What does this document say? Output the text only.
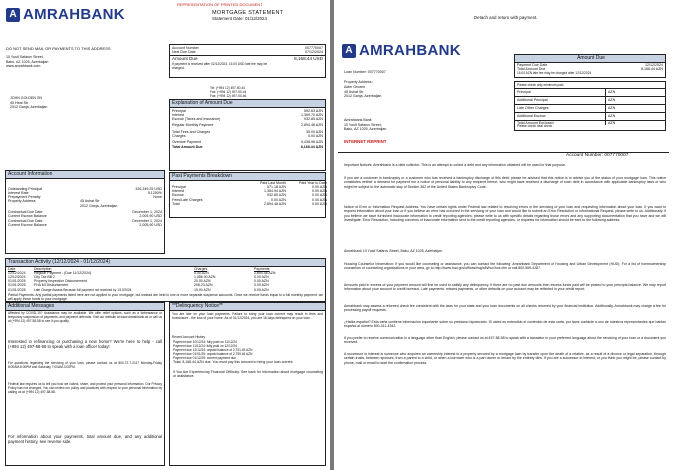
A AMRAHBANK
REPRESENTATION OF PRINTED DOCUMENT
MORTGAGE STATEMENT
Statement Date: 01/12/2024
DO NOT SEND MAIL OR PAYMENTS TO THIS ADDRESS
10 Yusif Safarov Street,
Baku, AZ 1025, Azerbaijan
www.amrahbank.com
JOHN GOLDEN SN
45 Heat Str
2012 Ganja, Azerbaijan
Account Number	007770007
Next Due Date	07/12/2024
Amount Due	8,168.44 USD
If payment is received after 02/12/2024, 15.00 USD late fee may be
charged.
Tel: (+994 12) 497-50-44
Fax: (+994 12) 497-50-44
Fax: (+994 12) 497-50-46
Explanation of Amount Due
Principal	592.63 AZN
Interest	1,369.70 AZN
Escrow (Taxes and Insurance)	932.85 AZN
Regular Monthly Payment	2,894.48 AZN
Total Fees and Charges	35.00 AZN
Charges	0.00 AZN
Overdue Payment	5,438.96 AZN
Total Amount Due	8,168.44 AZN
Account Information
Outstanding Principal	326,349.25 USD
Interest Rate	5.1250%
Prepayment Penalty	None
Property Address	45 Ashat Str
2012 Ganja, Azerbaijan
Contractual Due Date	December 1, 2024
Current Escrow Balance	2,005.90 USD
Contractual Due Date	December 1, 2024
Current Escrow Balance	2,005.90 USD
Past Payments Breakdown
Paid Last Month	Paid Year to Date
Principal	571.18 AZN	0.00 AZN
Interest	1,384.94 AZN	0.00 AZN
Escrow	932.85 AZN	0.00 AZN
Fees/Late Charges	0.00 AZN	0.00 AZN
Total	2,894.48 AZN	0.00 AZN
Transaction Activity (12/12/2024 - 01/12/2024)
Date	Description	Charges	Payments
12/12/2024	Regular Payment - (Due 11/12/2024)	0.00 AZN	2,894.48 AZN
12/12/2024	City Tax Bill 2	1,086.00 AZN	0.00 AZN
01/01/2025	Property Inspection Disbursement	20.00 AZN	0.00 AZN
01/01/2025	FHA MI Disbursement	208.23 AZN	0.00 AZN
01/01/2025	Late Charge Assess Because full payment not received by 1/12/2024	15.00 AZN	0.00 AZN
Partial Payments: Any partial payments listed here are not applied to your mortgage, but instead are held in one or more separate suspense accounts. Once we receive funds equal to a full monthly payment, we will apply those funds to your mortgage.
Additional Messages
Affected by COVID-19? Assistance may be available. We offer relief options, such as a forbearance or temporary suspension of payments, and payment deferrals. Visit our website at www.amrahbank.az or call us at (+994 12) 497-58-58 to see if you qualify.
Interested in refinancing or purchasing a new home? We're here to help - call (+994 12) 497-58-58 to speak with a loan officer today!
For questions regarding the servicing of your loan, please contact us at 800-72-7-2117 Monday-Friday 8:00AM-8:00PM and Saturday 7:00AM-3:00PM.
Federal law requires us to tell you how we collect, share, and protect your personal information. Our Privacy Policy has not changed. You can review our policy and practices with respect to your personal information by calling us at (+994 12) 497-58-58.
For information about your payments, total amount due, and any additional payment history, see reverse side.
**Delinquency Notice**
You are late on your loan payments. Failure to bring your loan current may result in fees and foreclosure - the loss of your home. As of 01/12/2024, you are 16 days delinquent on your loan.
Recent Account History
Payment due 10/12/24: fully paid on 11/12/24
Payment due 11/12/24: fully paid on 12/12/24
Payment due 12/12/24: unpaid balance of 2,751.49 AZN
Payment due 01/01/25: unpaid balance of 2,759.46 AZN
Payment due 01/12/25: current payment due
Total: 8,168.44 AZN due. You must pay this amount to bring your loan current.
If You Are Experiencing Financial Difficulty: See back for information about mortgage counseling or assistance.
Detach and return with payment.
A AMRAHBANK
Loan Number: 007770007
Property Address:
Adler Grozen
45 Ashat Str
2012 Ganja, Azerbaijan
Amount Due
Payment Due Date	12/12/2024
Total Amount Due	8,168.44 AZN
15.00 AZN late fee may be charged after 12/12/2024
Please check only minimum paid
Principal	AZN
Additional Principal	AZN
Late Other Charges	AZN
Additional Escrow	AZN
Total Amount Enclosed	AZN
Please check total check
Amrahbank Bank
10 Yusif Safarov Street,
Baku, AZ 1025, Azerbaijan
INTERNET REPRINT
Account Number: 007770007
Important Notices: Amrahbank is a debt collector. This is an attempt to collect a debt and any information obtained will be used for that purpose.
If you are a customer in bankruptcy or a customer who has received a bankruptcy discharge of this debt: please be advised that this notice is to advise you of the status of your mortgage loan. This notice constitutes neither a demand for payment nor a notice of personal liability to any recipient hereof, who might have received a discharge of such debt in accordance with applicable bankruptcy laws or who might be subject to the automatic stay of Section 362 of the United States Bankruptcy Code.
Notice of Error or Information Request Address: You have certain rights under Federal law related to resolving errors in the servicing of your loan and requesting information about your loan. If you want to request information about your loan or if you believe an error has occurred in the servicing of your loan and would like to submit an Error Resolution or Informational Request, please write to us. Additionally, if you believe we have furnished inaccurate information to credit reporting agencies, please write to us with specific details regarding those errors and any supporting documentation that you have and we will investigate. Error Resolution, including concerns of inaccurate information sent to the credit reporting agencies, or requests for information should be sent to the following address:
Amrahbank 10 Yusif Safarov Street, Baku, AZ 1025, Azerbaijan.
Housing Counselor Information: If you would like counseling or assistance, you can contact the following: Amrahbank Department of Housing and Urban Development (HUD): For a list of homeownership counselors or counseling organizations in your area, go to http://www.hud.gov/offices/hsg/sfh/hcc/hcs.cfm or call 800-569-4287.
Amounts paid in excess of your payment amount will first be used to satisfy any delinquency. If there are no past due amounts then excess funds paid will be posted to your principal balance. We may report information about your account to credit bureaus. Late payments, missed payments, or other defaults on your account may be reflected in your credit report.
Amrahbank may assess a returned check fee consistent with the laws for your state and your loan documents on all checks returned by your financial institution. Additionally, Amrahbank may charge a fee for processing payoff requests.
¿Habla español? Esta carta contiene información importante sobre su préstamo hipotecario. Si usted es entendido el contenido de esta carta, por favor contácte a uno de nuestros representantes que hablan español al número 800-311-4342.
If you prefer to receive communication in a language other than English, please contact us at 497-58-58 to speak with a translator in your preferred language about the servicing of your loan or a document you received.
A successor in interest is someone who acquires an ownership interest in a property secured by a mortgage loan by transfer upon the death of a relative, as a result of a divorce or legal separation, through certain trusts, between spouses, from a parent to a child, or when a borrower who is a part owner or tenant by the entirety dies. If you are a successor in interest, or you think you might be, please contact by phone, mail or email to start the confirmation process.
